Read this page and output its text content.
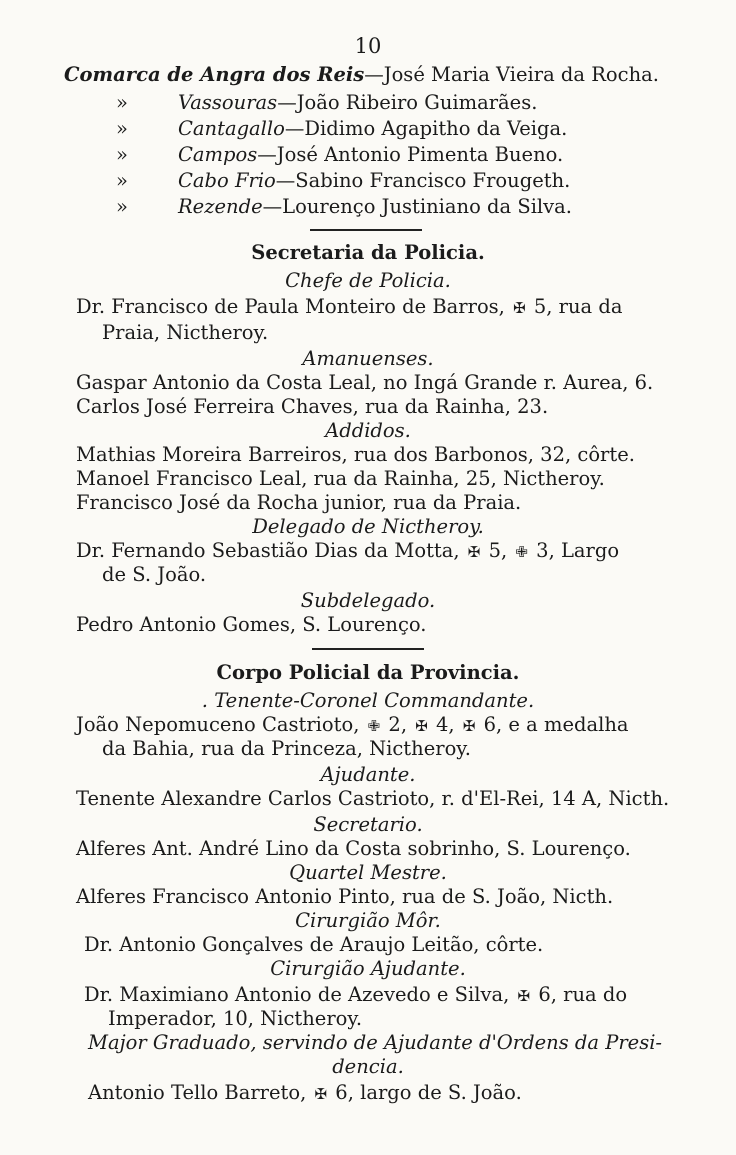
10
Comarca de Angra dos Reis—José Maria Vieira da Rocha.
»	Vassouras—João Ribeiro Guimarães.
»	Cantagallo—Didimo Agapitho da Veiga.
»	Campos—José Antonio Pimenta Bueno.
»	Cabo Frio—Sabino Francisco Frougeth.
»	Rezende—Lourenço Justiniano da Silva.
Secretaria da Policia.
Chefe de Policia.
Dr. Francisco de Paula Monteiro de Barros, ✠ 5, rua da
Praia, Nictheroy.
Amanuenses.
Gaspar Antonio da Costa Leal, no Ingá Grande r. Aurea, 6.
Carlos José Ferreira Chaves, rua da Rainha, 23.
Addidos.
Mathias Moreira Barreiros, rua dos Barbonos, 32, côrte.
Manoel Francisco Leal, rua da Rainha, 25, Nictheroy.
Francisco José da Rocha junior, rua da Praia.
Delegado de Nictheroy.
Dr. Fernando Sebastião Dias da Motta, ✠ 5, ✙ 3, Largo
de S. João.
Subdelegado.
Pedro Antonio Gomes, S. Lourenço.
Corpo Policial da Provincia.
. Tenente-Coronel Commandante.
João Nepomuceno Castrioto, ✙ 2, ✠ 4, ✠ 6, e a medalha
da Bahia, rua da Princeza, Nictheroy.
Ajudante.
Tenente Alexandre Carlos Castrioto, r. d'El-Rei, 14 A, Nicth.
Secretario.
Alferes Ant. André Lino da Costa sobrinho, S. Lourenço.
Quartel Mestre.
Alferes Francisco Antonio Pinto, rua de S. João, Nicth.
Cirurgião Môr.
Dr. Antonio Gonçalves de Araujo Leitão, côrte.
Cirurgião Ajudante.
Dr. Maximiano Antonio de Azevedo e Silva, ✠ 6, rua do
Imperador, 10, Nictheroy.
Major Graduado, servindo de Ajudante d'Ordens da Presi-
dencia.
Antonio Tello Barreto, ✠ 6, largo de S. João.
